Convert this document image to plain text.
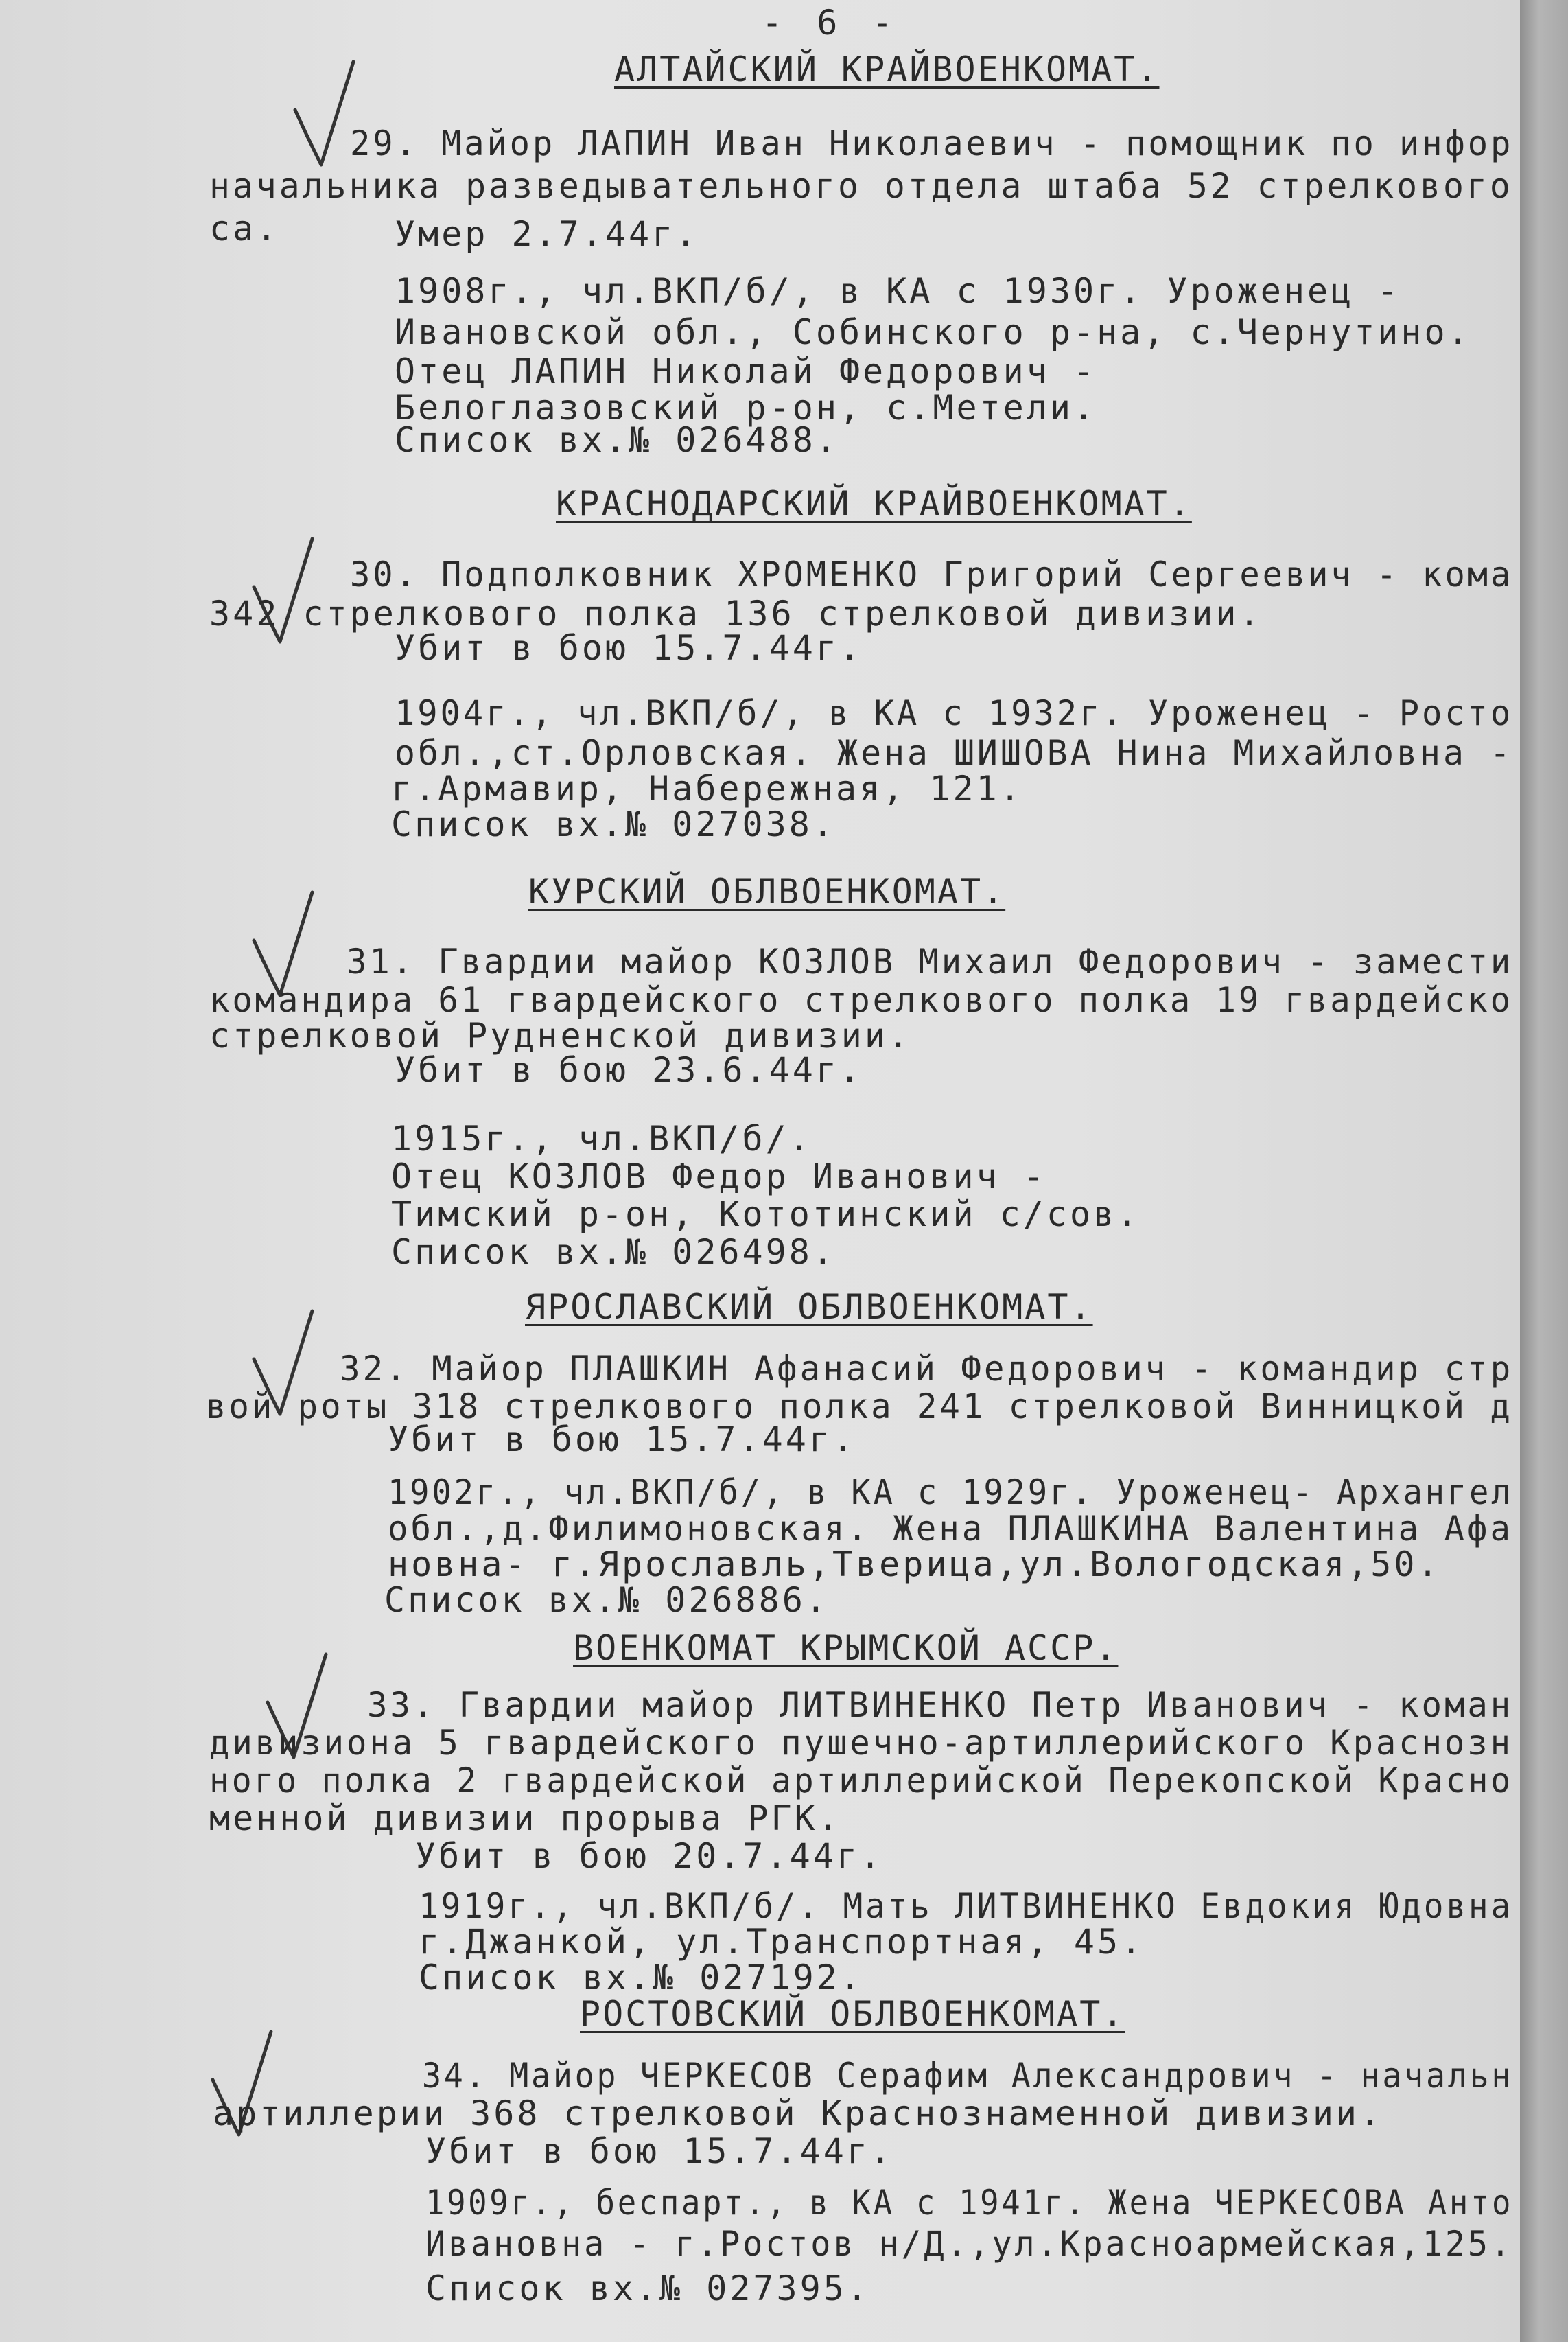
- 6 -
АЛТАЙСКИЙ КРАЙВОЕНКОМАТ.
29. Майор ЛАПИН Иван Николаевич - помощник по инфор
начальника разведывательного отдела штаба 52 стрелкового
са.	Умер 2.7.44г.
1908г., чл.ВКП/б/, в КА с 1930г. Уроженец -
Ивановской обл., Собинского р-на, с.Чернутино.
Отец ЛАПИН Николай Федорович -
Белоглазовский р-он, с.Метели.
Список вх.№ 026488.
КРАСНОДАРСКИЙ КРАЙВОЕНКОМАТ.
30. Подполковник ХРОМЕНКО Григорий Сергеевич - кома
342 стрелкового полка 136 стрелковой дивизии.
Убит в бою 15.7.44г.
1904г., чл.ВКП/б/, в КА с 1932г. Уроженец - Росто
обл.,ст.Орловская. Жена ШИШОВА Нина Михайловна -
г.Армавир, Набережная, 121.
Список вх.№ 027038.
КУРСКИЙ ОБЛВОЕНКОМАТ.
31. Гвардии майор КОЗЛОВ Михаил Федорович - замести
командира 61 гвардейского стрелкового полка 19 гвардейско
стрелковой Рудненской дивизии.
Убит в бою 23.6.44г.
1915г., чл.ВКП/б/.
Отец КОЗЛОВ Федор Иванович -
Тимский р-он, Кототинский с/сов.
Список вх.№ 026498.
ЯРОСЛАВСКИЙ ОБЛВОЕНКОМАТ.
32. Майор ПЛАШКИН Афанасий Федорович - командир стр
вой роты 318 стрелкового полка 241 стрелковой Винницкой д
Убит в бою 15.7.44г.
1902г., чл.ВКП/б/, в КА с 1929г. Уроженец- Архангел
обл.,д.Филимоновская. Жена ПЛАШКИНА Валентина Афа
новна- г.Ярославль,Тверица,ул.Вологодская,50.
Список вх.№ 026886.
ВОЕНКОМАТ КРЫМСКОЙ АССР.
33. Гвардии майор ЛИТВИНЕНКО Петр Иванович - коман
дивизиона 5 гвардейского пушечно-артиллерийского Краснозн
ного полка 2 гвардейской артиллерийской Перекопской Красно
менной дивизии прорыва РГК.
Убит в бою 20.7.44г.
1919г., чл.ВКП/б/. Мать ЛИТВИНЕНКО Евдокия Юдовна
г.Джанкой, ул.Транспортная, 45.
Список вх.№ 027192.
РОСТОВСКИЙ ОБЛВОЕНКОМАТ.
34. Майор ЧЕРКЕСОВ Серафим Александрович - начальн
артиллерии 368 стрелковой Краснознаменной дивизии.
Убит в бою 15.7.44г.
1909г., беспарт., в КА с 1941г. Жена ЧЕРКЕСОВА Анто
Ивановна - г.Ростов н/Д.,ул.Красноармейская,125.
Список вх.№ 027395.
